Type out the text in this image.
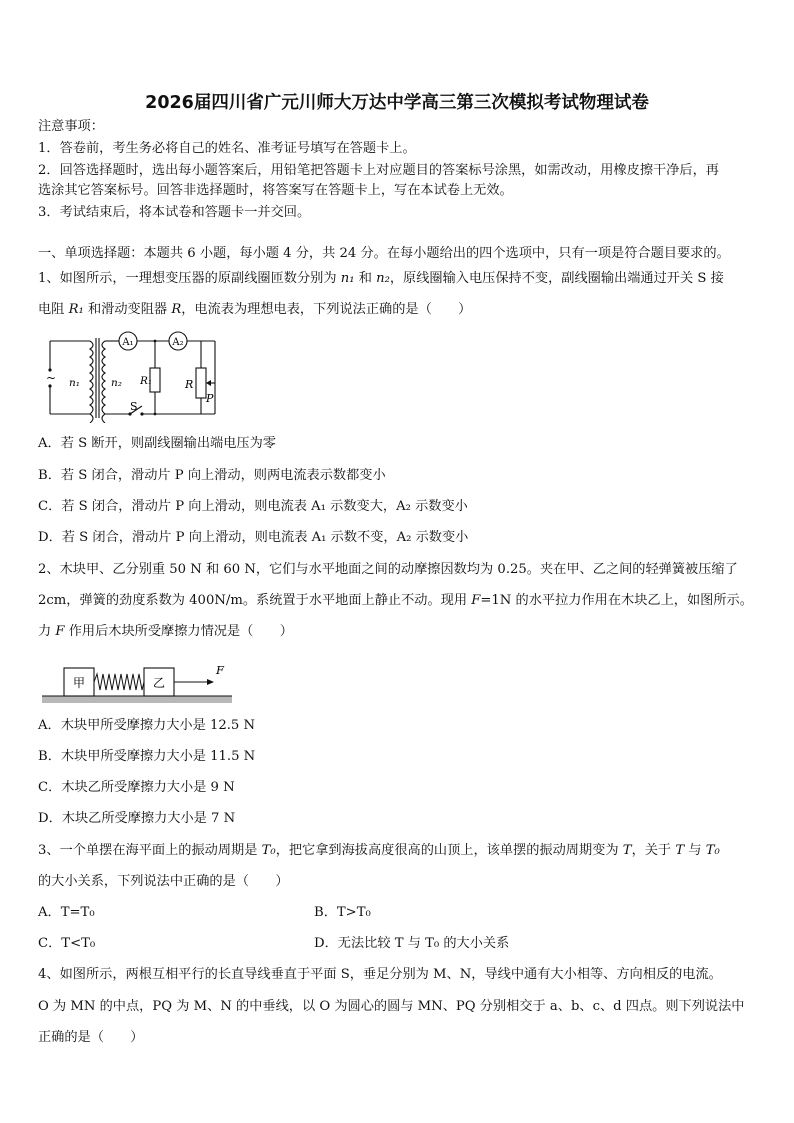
2026届四川省广元川师大万达中学高三第三次模拟考试物理试卷
注意事项：
1．答卷前，考生务必将自己的姓名、准考证号填写在答题卡上。
2．回答选择题时，选出每小题答案后，用铅笔把答题卡上对应题目的答案标号涂黑，如需改动，用橡皮擦干净后，再
选涂其它答案标号。回答非选择题时，将答案写在答题卡上，写在本试卷上无效。
3．考试结束后，将本试卷和答题卡一并交回。
一、单项选择题：本题共 6 小题，每小题 4 分，共 24 分。在每小题给出的四个选项中，只有一项是符合题目要求的。
1、如图所示，一理想变压器的原副线圈匝数分别为 n₁ 和 n₂，原线圈输入电压保持不变，副线圈输出端通过开关 S 接
电阻 R₁ 和滑动变阻器 R，电流表为理想电表，下列说法正确的是（　　）
A₁	A₂
~ n₁	n₂ R₁	R
P
S
A．若 S 断开，则副线圈输出端电压为零
B．若 S 闭合，滑动片 P 向上滑动，则两电流表示数都变小
C．若 S 闭合，滑动片 P 向上滑动，则电流表 A₁ 示数变大，A₂ 示数变小
D．若 S 闭合，滑动片 P 向上滑动，则电流表 A₁ 示数不变，A₂ 示数变小
2、木块甲、乙分别重 50 N 和 60 N，它们与水平地面之间的动摩擦因数均为 0.25。夹在甲、乙之间的轻弹簧被压缩了
2cm，弹簧的劲度系数为 400N/m。系统置于水平地面上静止不动。现用 F=1N 的水平拉力作用在木块乙上，如图所示。
力 F 作用后木块所受摩擦力情况是（　　）
甲	乙
F
A．木块甲所受摩擦力大小是 12.5 N
B．木块甲所受摩擦力大小是 11.5 N
C．木块乙所受摩擦力大小是 9 N
D．木块乙所受摩擦力大小是 7 N
3、一个单摆在海平面上的振动周期是 T₀，把它拿到海拔高度很高的山顶上，该单摆的振动周期变为 T，关于 T 与 T₀
的大小关系，下列说法中正确的是（　　）
A．T=T₀	B．T>T₀
C．T<T₀	D．无法比较 T 与 T₀ 的大小关系
4、如图所示，两根互相平行的长直导线垂直于平面 S，垂足分别为 M、N，导线中通有大小相等、方向相反的电流。
O 为 MN 的中点，PQ 为 M、N 的中垂线，以 O 为圆心的圆与 MN、PQ 分别相交于 a、b、c、d 四点。则下列说法中
正确的是（　　）
